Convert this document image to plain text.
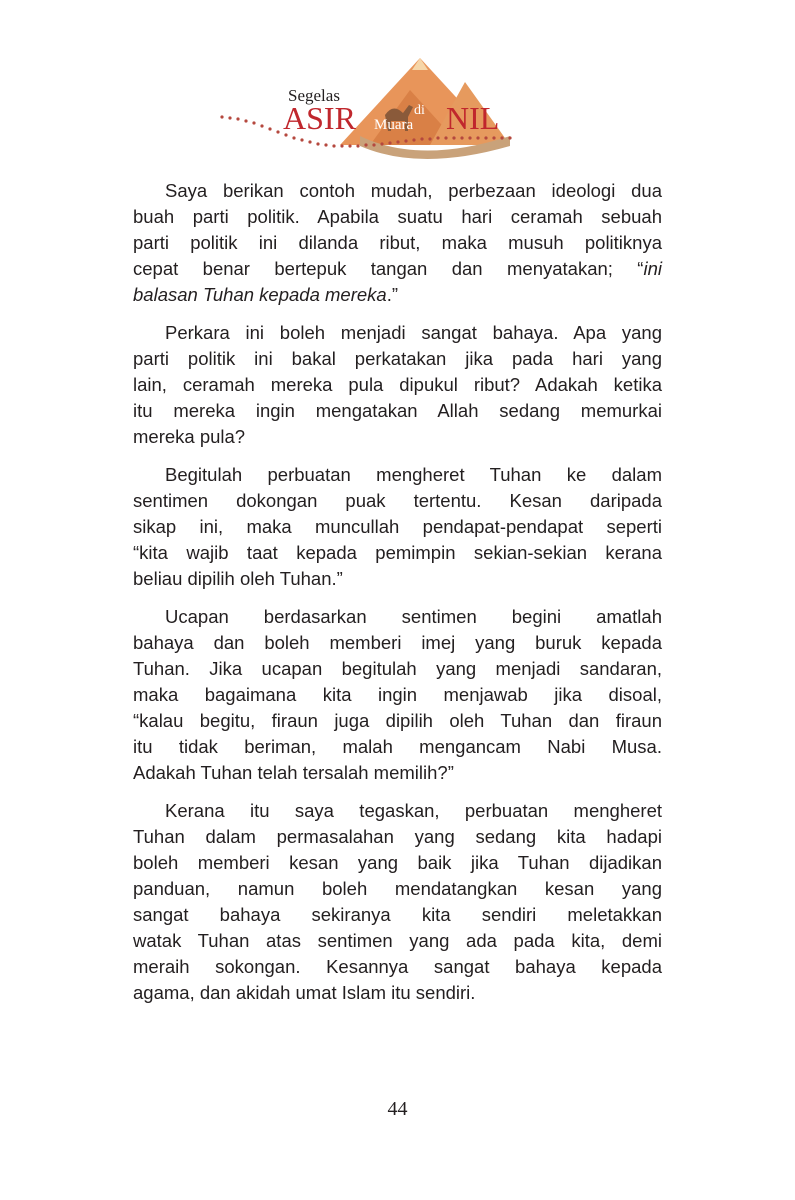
Segelas
ASIR	di
Muara NIL
Saya berikan contoh mudah, perbezaan ideologi dua
buah parti politik. Apabila suatu hari ceramah sebuah
parti politik ini dilanda ribut, maka musuh politiknya
cepat benar bertepuk tangan dan menyatakan; “ini
balasan Tuhan kepada mereka.”
Perkara ini boleh menjadi sangat bahaya. Apa yang
parti politik ini bakal perkatakan jika pada hari yang
lain, ceramah mereka pula dipukul ribut? Adakah ketika
itu mereka ingin mengatakan Allah sedang memurkai
mereka pula?
Begitulah perbuatan mengheret Tuhan ke dalam
sentimen dokongan puak tertentu. Kesan daripada
sikap ini, maka muncullah pendapat-pendapat seperti
“kita wajib taat kepada pemimpin sekian-sekian kerana
beliau dipilih oleh Tuhan.”
Ucapan berdasarkan sentimen begini amatlah
bahaya dan boleh memberi imej yang buruk kepada
Tuhan. Jika ucapan begitulah yang menjadi sandaran,
maka bagaimana kita ingin menjawab jika disoal,
“kalau begitu, firaun juga dipilih oleh Tuhan dan firaun
itu tidak beriman, malah mengancam Nabi Musa.
Adakah Tuhan telah tersalah memilih?”
Kerana itu saya tegaskan, perbuatan mengheret
Tuhan dalam permasalahan yang sedang kita hadapi
boleh memberi kesan yang baik jika Tuhan dijadikan
panduan, namun boleh mendatangkan kesan yang
sangat bahaya sekiranya kita sendiri meletakkan
watak Tuhan atas sentimen yang ada pada kita, demi
meraih sokongan. Kesannya sangat bahaya kepada
agama, dan akidah umat Islam itu sendiri.
44
